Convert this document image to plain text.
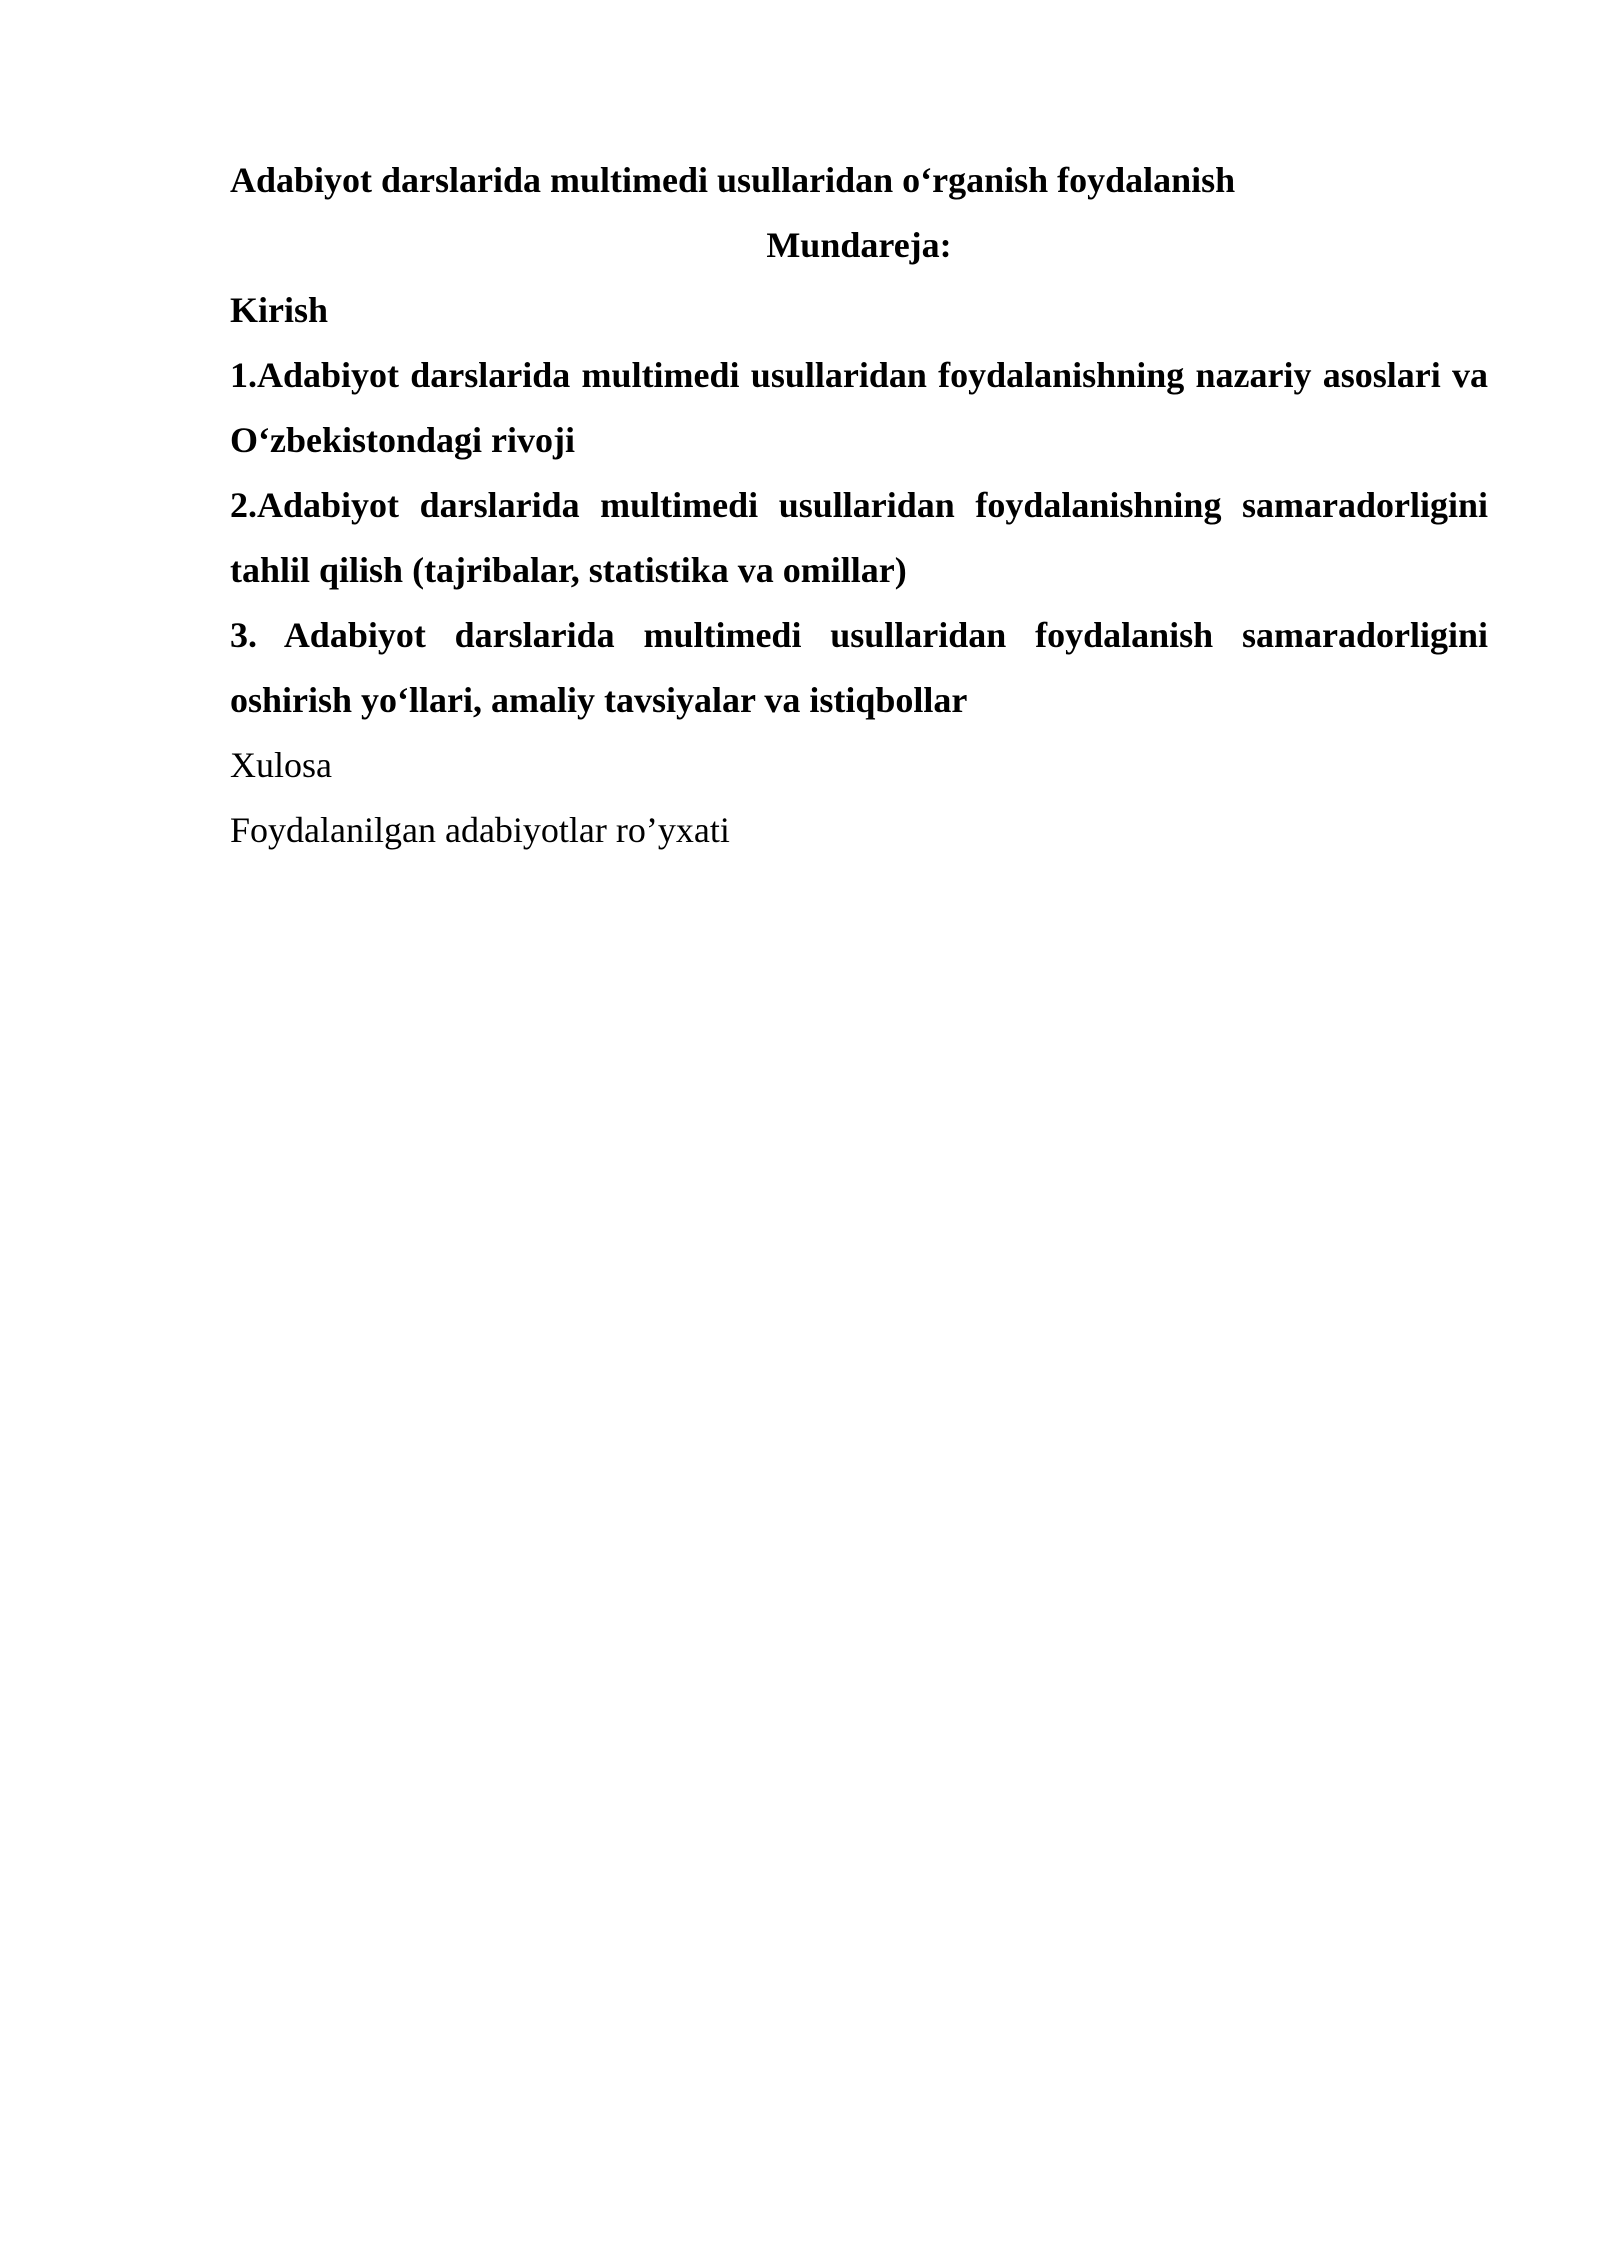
Adabiyot darslarida multimedi usullaridan o‘rganish foydalanish
Mundareja:
Kirish
1.Adabiyot darslarida multimedi usullaridan foydalanishning nazariy asoslari va O‘zbekistondagi rivoji
2.Adabiyot darslarida multimedi usullaridan foydalanishning samaradorligini tahlil qilish (tajribalar, statistika va omillar)
3. Adabiyot darslarida multimedi usullaridan foydalanish samaradorligini oshirish yo‘llari, amaliy tavsiyalar va istiqbollar
Xulosa
Foydalanilgan adabiyotlar ro’yxati
